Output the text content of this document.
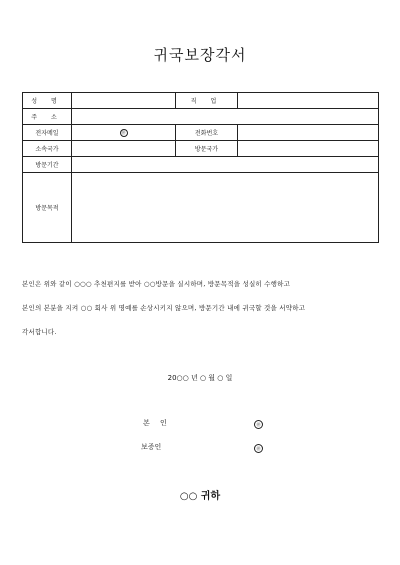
귀국보장각서
성 명		직 업	
주 소			
전자메일	㊞	전화번호	
소속국가		방문국가	
방문기간			
방문목적			
본인은 위와 같이 ○○○ 추천편지를 받아 ○○방문을 실시하며, 방문목적을 성실히 수행하고
본인의 본분을 지켜 ○○ 회사 위 명예를 손상시키지 않으며, 방문기간 내에 귀국할 것을 서약하고
각서합니다.
20○○ 년 ○ 월 ○ 일
본 인	㊞
보증인	㊞
○○ 귀하
